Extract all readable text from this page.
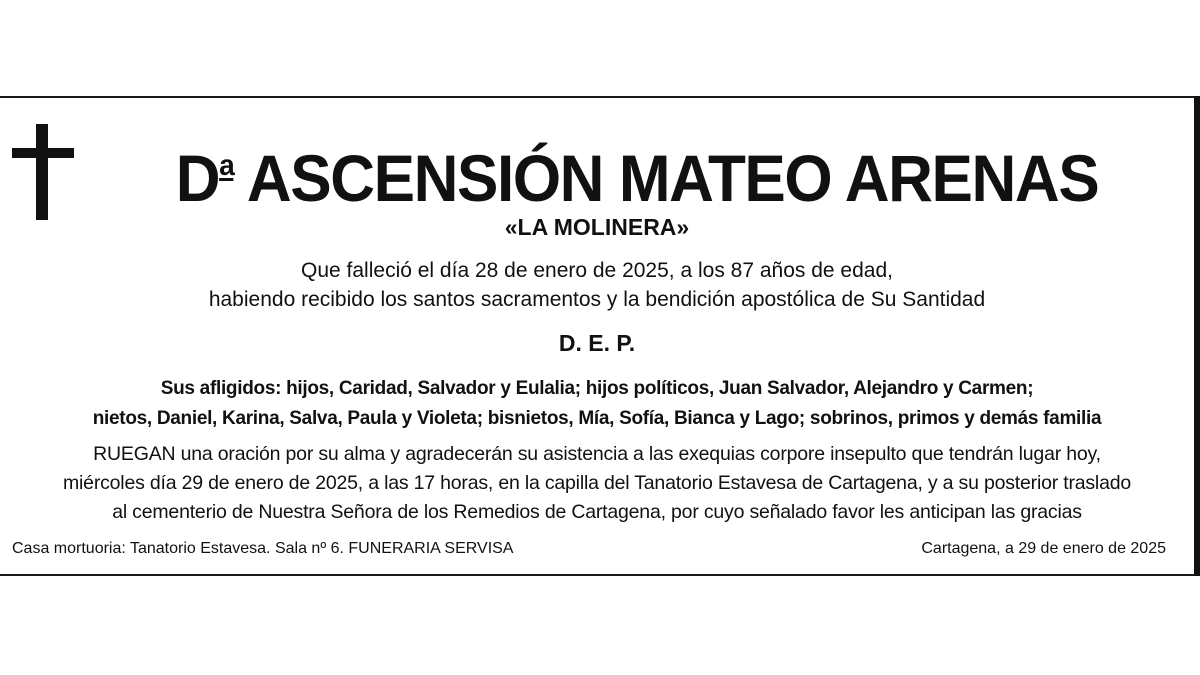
$D^a$ ASCENSIÓN MATEO ARENAS
«LA MOLINERA»
Que falleció el día 28 de enero de 2025, a los 87 años de edad,
habiendo recibido los santos sacramentos y la bendición apostólica de Su Santidad
D. E. P.
Sus afligidos: hijos, Caridad, Salvador y Eulalia; hijos políticos, Juan Salvador, Alejandro y Carmen;
nietos, Daniel, Karina, Salva, Paula y Violeta; bisnietos, Mía, Sofía, Bianca y Lago; sobrinos, primos y demás familia
RUEGAN una oración por su alma y agradecerán su asistencia a las exequias corpore insepulto que tendrán lugar hoy,
miércoles día 29 de enero de 2025, a las 17 horas, en la capilla del Tanatorio Estavesa de Cartagena, y a su posterior traslado
al cementerio de Nuestra Señora de los Remedios de Cartagena, por cuyo señalado favor les anticipan las gracias
Casa mortuoria: Tanatorio Estavesa. Sala nº 6. FUNERARIA SERVISA	Cartagena, a 29 de enero de 2025
